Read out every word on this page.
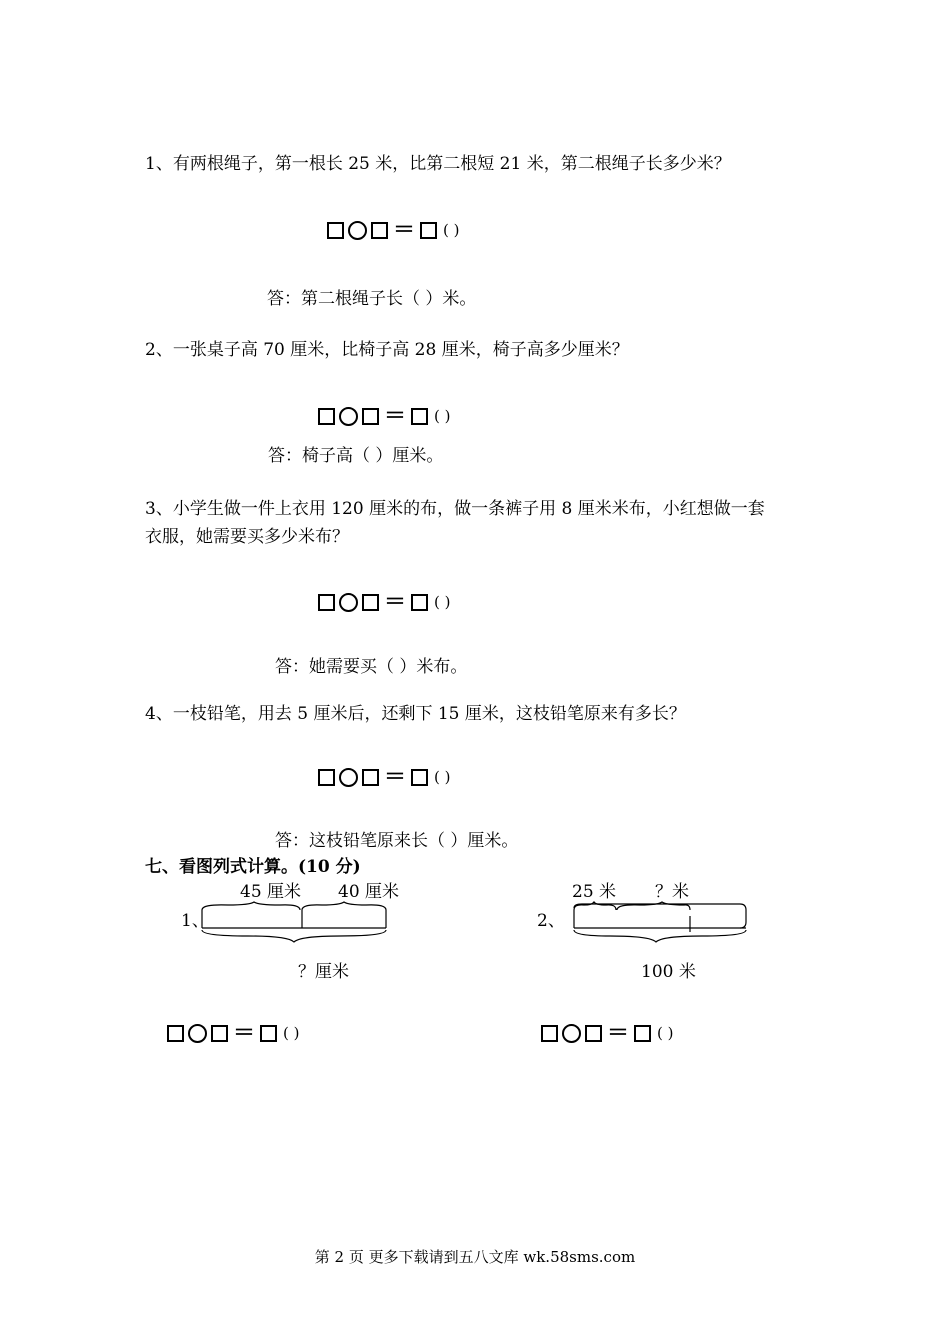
1、有两根绳子，第一根长 25 米，比第二根短 21 米，第二根绳子长多少米？
＝ ( )
答：第二根绳子长（ ）米。
2、一张桌子高 70 厘米，比椅子高 28 厘米，椅子高多少厘米？
＝ ( )
答：椅子高（ ）厘米。
3、小学生做一件上衣用 120 厘米的布，做一条裤子用 8 厘米米布，小红想做一套
衣服，她需要买多少米布？
＝ ( )
答：她需要买（ ）米布。
4、一枝铅笔，用去 5 厘米后，还剩下 15 厘米，这枝铅笔原来有多长？
＝ ( )
答：这枝铅笔原来长（ ）厘米。
七、看图列式计算。(10 分)
45 厘米 40 厘米
1、
？厘米
25 米 ？米
2、
100 米
＝ ( )	＝ ( )
第 2 页 更多下载请到五八文库 wk.58sms.com
